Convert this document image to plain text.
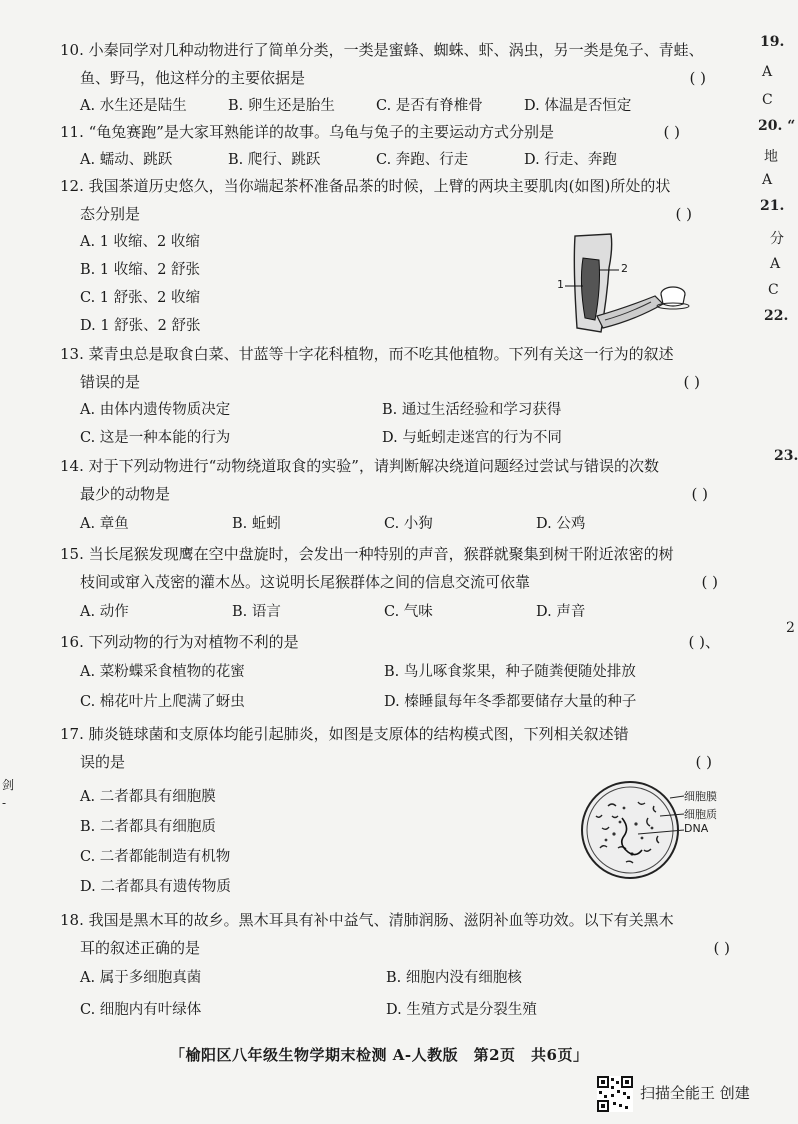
10. 小秦同学对几种动物进行了简单分类，一类是蜜蜂、蜘蛛、虾、涡虫，另一类是兔子、青蛙、
鱼、野马，他这样分的主要依据是	( )
A. 水生还是陆生	B. 卵生还是胎生	C. 是否有脊椎骨	D. 体温是否恒定
11. “龟兔赛跑”是大家耳熟能详的故事。乌龟与兔子的主要运动方式分别是	( )
A. 蠕动、跳跃	B. 爬行、跳跃	C. 奔跑、行走	D. 行走、奔跑
12. 我国茶道历史悠久，当你端起茶杯准备品茶的时候，上臂的两块主要肌肉(如图)所处的状
态分别是	( )
A. 1 收缩、2 收缩
B. 1 收缩、2 舒张
C. 1 舒张、2 收缩
D. 1 舒张、2 舒张
1
2
13. 菜青虫总是取食白菜、甘蓝等十字花科植物，而不吃其他植物。下列有关这一行为的叙述
错误的是	( )
A. 由体内遗传物质决定	B. 通过生活经验和学习获得
C. 这是一种本能的行为	D. 与蚯蚓走迷宫的行为不同
14. 对于下列动物进行“动物绕道取食的实验”，请判断解决绕道问题经过尝试与错误的次数
最少的动物是	( )
A. 章鱼	B. 蚯蚓	C. 小狗	D. 公鸡
15. 当长尾猴发现鹰在空中盘旋时，会发出一种特别的声音，猴群就聚集到树干附近浓密的树
枝间或窜入茂密的灌木丛。这说明长尾猴群体之间的信息交流可依靠	( )
A. 动作	B. 语言	C. 气味	D. 声音
16. 下列动物的行为对植物不利的是	( )、
A. 菜粉蝶采食植物的花蜜	B. 鸟儿啄食浆果，种子随粪便随处排放
C. 棉花叶片上爬满了蚜虫	D. 榛睡鼠每年冬季都要储存大量的种子
17. 肺炎链球菌和支原体均能引起肺炎，如图是支原体的结构模式图，下列相关叙述错
误的是	( )
A. 二者都具有细胞膜
B. 二者都具有细胞质
C. 二者都能制造有机物
D. 二者都具有遗传物质
细胞膜
细胞质
DNA
18. 我国是黑木耳的故乡。黑木耳具有补中益气、清肺润肠、滋阴补血等功效。以下有关黑木
耳的叙述正确的是	( )
A. 属于多细胞真菌	B. 细胞内没有细胞核
C. 细胞内有叶绿体	D. 生殖方式是分裂生殖
19.
A
C
20. “
地
A
21.
分
A
C
22.
23.
2
剑
-
「榆阳区八年级生物学期末检测 A-人教版　第2页　共6页」
扫描全能王 创建
